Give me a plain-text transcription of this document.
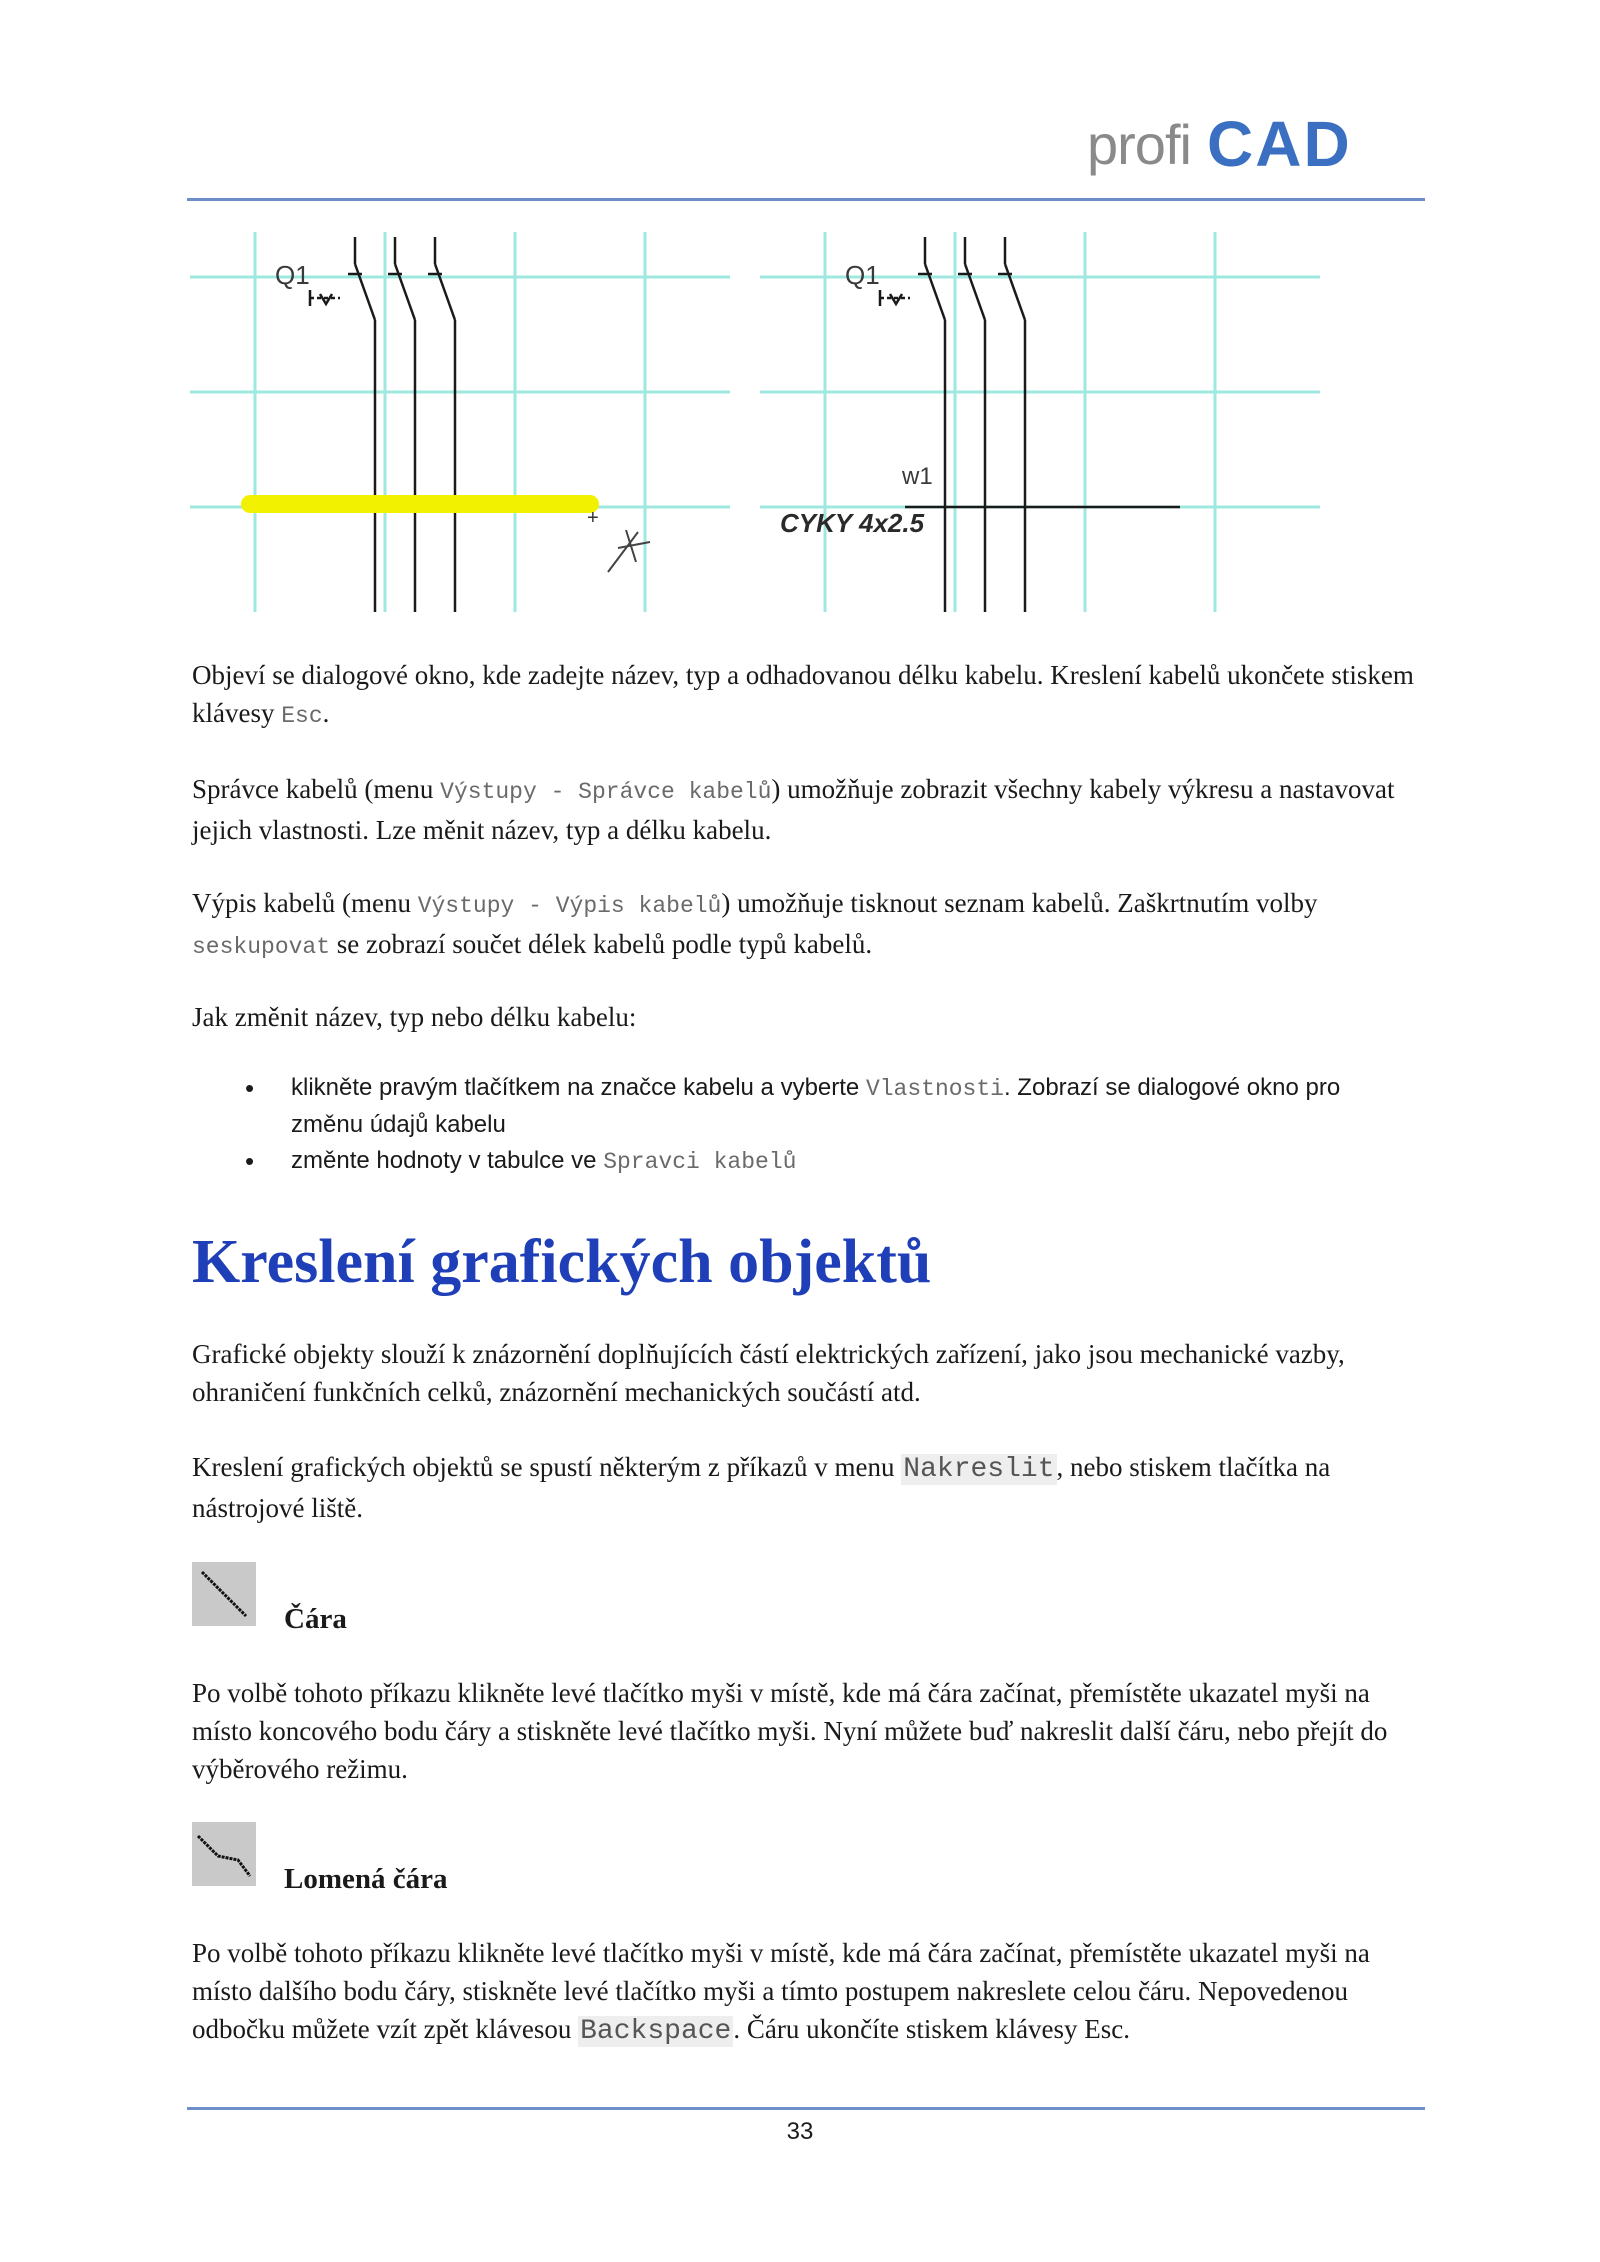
profi CAD
Q1
+
Q1
w1
CYKY 4x2.5

Objeví se dialogové okno, kde zadejte název, typ a odhadovanou délku kabelu. Kreslení kabelů ukončete stiskem klávesy Esc.

Správce kabelů (menu Výstupy - Správce kabelů) umožňuje zobrazit všechny kabely výkresu a nastavovat jejich vlastnosti. Lze měnit název, typ a délku kabelu.

Výpis kabelů (menu Výstupy - Výpis kabelů) umožňuje tisknout seznam kabelů. Zaškrtnutím volby seskupovat se zobrazí součet délek kabelů podle typů kabelů.

Jak změnit název, typ nebo délku kabelu:

• klikněte pravým tlačítkem na značce kabelu a vyberte Vlastnosti. Zobrazí se dialogové okno pro změnu údajů kabelu
• změnte hodnoty v tabulce ve Spravci kabelů
Kreslení grafických objektů

Grafické objekty slouží k znázornění doplňujících částí elektrických zařízení, jako jsou mechanické vazby, ohraničení funkčních celků, znázornění mechanických součástí atd.

Kreslení grafických objektů se spustí některým z příkazů v menu Nakreslit, nebo stiskem tlačítka na nástrojové liště.

Čára

Po volbě tohoto příkazu klikněte levé tlačítko myši v místě, kde má čára začínat, přemístěte ukazatel myši na místo koncového bodu čáry a stiskněte levé tlačítko myši. Nyní můžete buď nakreslit další čáru, nebo přejít do výběrového režimu.

Lomená čára

Po volbě tohoto příkazu klikněte levé tlačítko myši v místě, kde má čára začínat, přemístěte ukazatel myši na místo dalšího bodu čáry, stiskněte levé tlačítko myši a tímto postupem nakreslete celou čáru. Nepovedenou odbočku můžete vzít zpět klávesou Backspace. Čáru ukončíte stiskem klávesy Esc.

33
